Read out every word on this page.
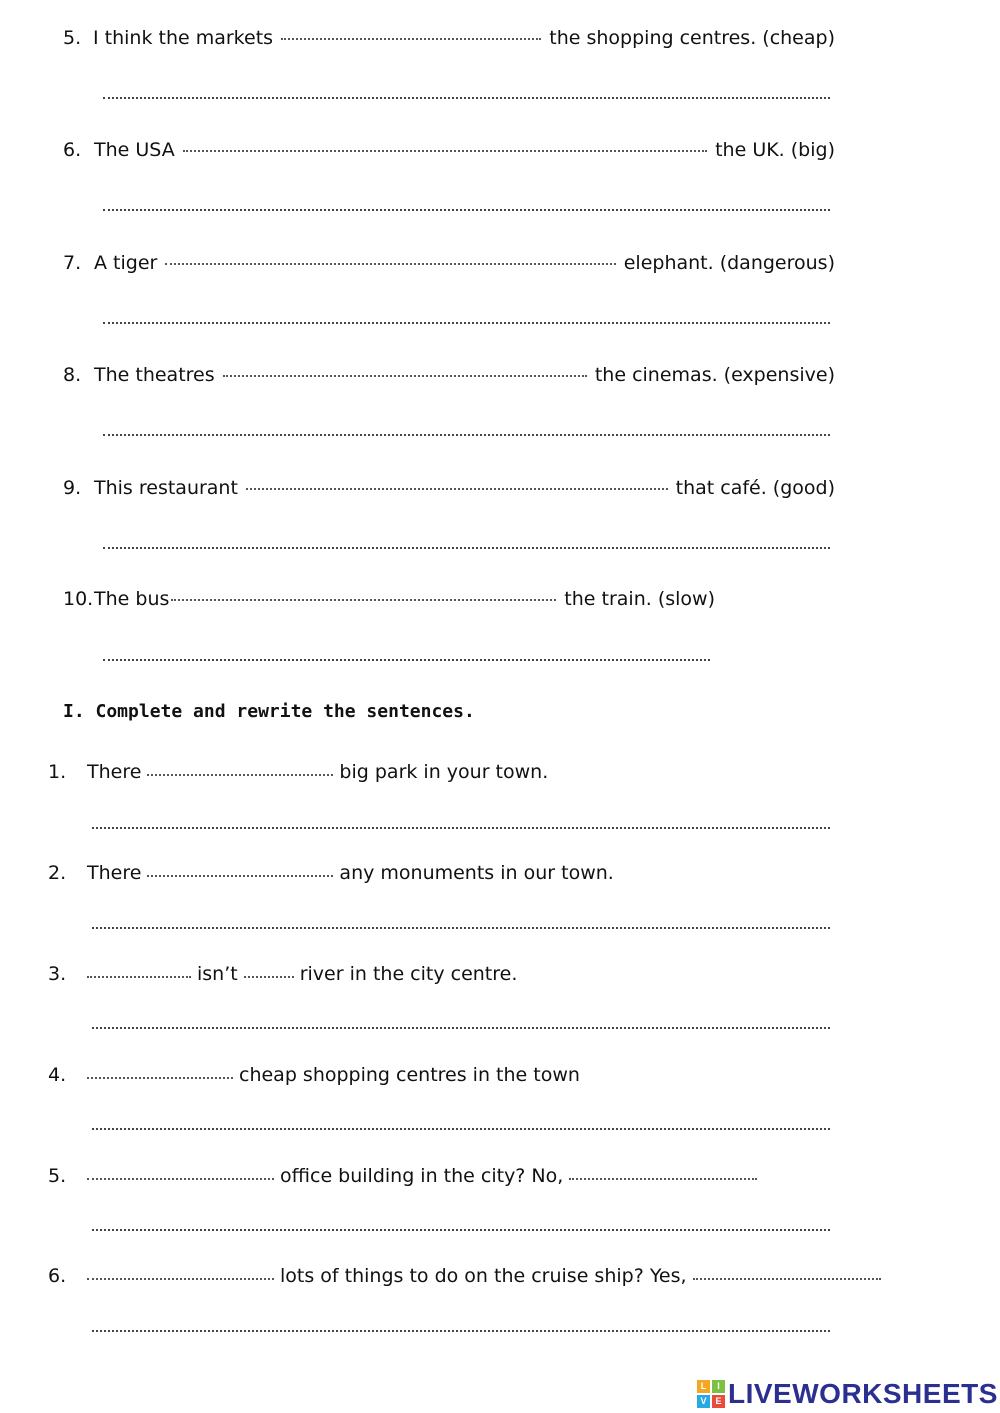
5. I think the markets	the shopping centres. (cheap)
6. The USA	the UK. (big)
7. A tiger	elephant. (dangerous)
8. The theatres	the cinemas. (expensive)
9. This restaurant	that café. (good)
10. The bus	the train. (slow)
I. Complete and rewrite the sentences.
1. There	big park in your town.
2. There	any monuments in our town.
3.	isn’t	river in the city centre.
4.	cheap shopping centres in the town
5.	office building in the city? No,
6.	lots of things to do on the cruise ship? Yes,
L	I
V E LIVEWORKSHEETS
